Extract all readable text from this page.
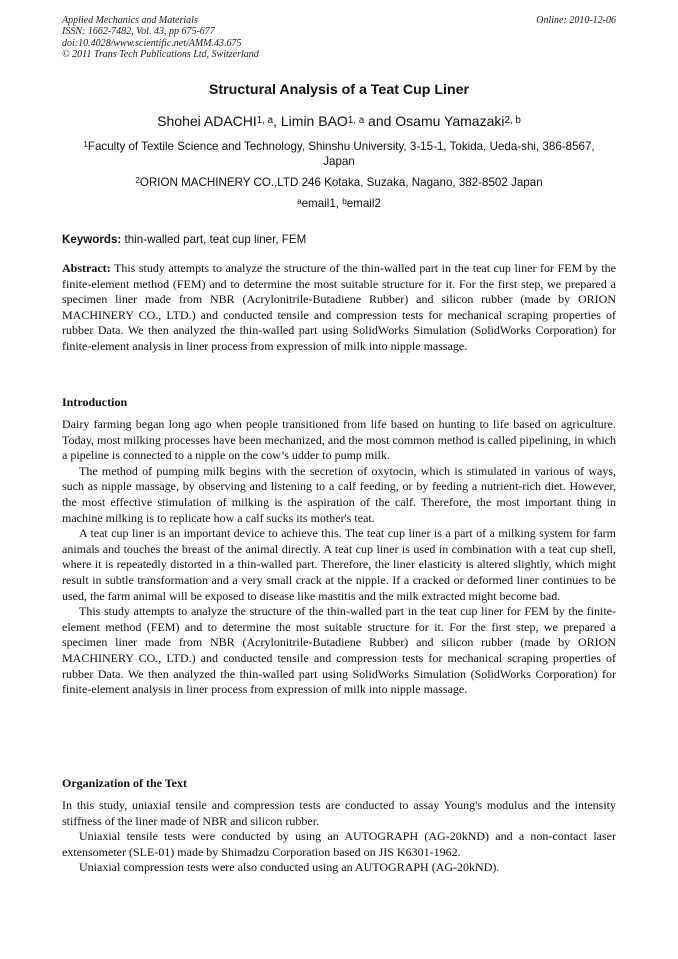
Applied Mechanics and Materials
ISSN: 1662-7482, Vol. 43, pp 675-677
doi:10.4028/www.scientific.net/AMM.43.675
© 2011 Trans Tech Publications Ltd, Switzerland
Online: 2010-12-06
Structural Analysis of a Teat Cup Liner
Shohei ADACHI$^{1, a}$, Limin BAO$^{1, a}$ and Osamu Yamazaki$^{2, b}$
$^1$Faculty of Textile Science and Technology, Shinshu University, 3-15-1, Tokida, Ueda-shi, 386-8567, Japan
$^2$ORION MACHINERY CO.,LTD 246 Kotaka, Suzaka, Nagano, 382-8502 Japan
$^a$email1, $^b$email2
Keywords: thin-walled part, teat cup liner, FEM
Abstract: This study attempts to analyze the structure of the thin-walled part in the teat cup liner for FEM by the finite-element method (FEM) and to determine the most suitable structure for it. For the first step, we prepared a specimen liner made from NBR (Acrylonitrile-Butadiene Rubber) and silicon rubber (made by ORION MACHINERY CO., LTD.) and conducted tensile and compression tests for mechanical scraping properties of rubber Data. We then analyzed the thin-walled part using SolidWorks Simulation (SolidWorks Corporation) for finite-element analysis in liner process from expression of milk into nipple massage.
Introduction

Dairy farming began long ago when people transitioned from life based on hunting to life based on agriculture. Today, most milking processes have been mechanized, and the most common method is called pipelining, in which a pipeline is connected to a nipple on the cow’s udder to pump milk.

The method of pumping milk begins with the secretion of oxytocin, which is stimulated in various of ways, such as nipple massage, by observing and listening to a calf feeding, or by feeding a nutrient-rich diet. However, the most effective stimulation of milking is the aspiration of the calf. Therefore, the most important thing in machine milking is to replicate how a calf sucks its mother's teat.

A teat cup liner is an important device to achieve this. The teat cup liner is a part of a milking system for farm animals and touches the breast of the animal directly. A teat cup liner is used in combination with a teat cup shell, where it is repeatedly distorted in a thin-walled part. Therefore, the liner elasticity is altered slightly, which might result in subtle transformation and a very small crack at the nipple. If a cracked or deformed liner continues to be used, the farm animal will be exposed to disease like mastitis and the milk extracted might become bad.

This study attempts to analyze the structure of the thin-walled part in the teat cup liner for FEM by the finite-element method (FEM) and to determine the most suitable structure for it. For the first step, we prepared a specimen liner made from NBR (Acrylonitrile-Butadiene Rubber) and silicon rubber (made by ORION MACHINERY CO., LTD.) and conducted tensile and compression tests for mechanical scraping properties of rubber Data. We then analyzed the thin-walled part using SolidWorks Simulation (SolidWorks Corporation) for finite-element analysis in liner process from expression of milk into nipple massage.

Organization of the Text

In this study, uniaxial tensile and compression tests are conducted to assay Young's modulus and the intensity stiffness of the liner made of NBR and silicon rubber.

Uniaxial tensile tests were conducted by using an AUTOGRAPH (AG-20kND) and a non-contact laser extensometer (SLE-01) made by Shimadzu Corporation based on JIS K6301-1962.

Uniaxial compression tests were also conducted using an AUTOGRAPH (AG-20kND).
